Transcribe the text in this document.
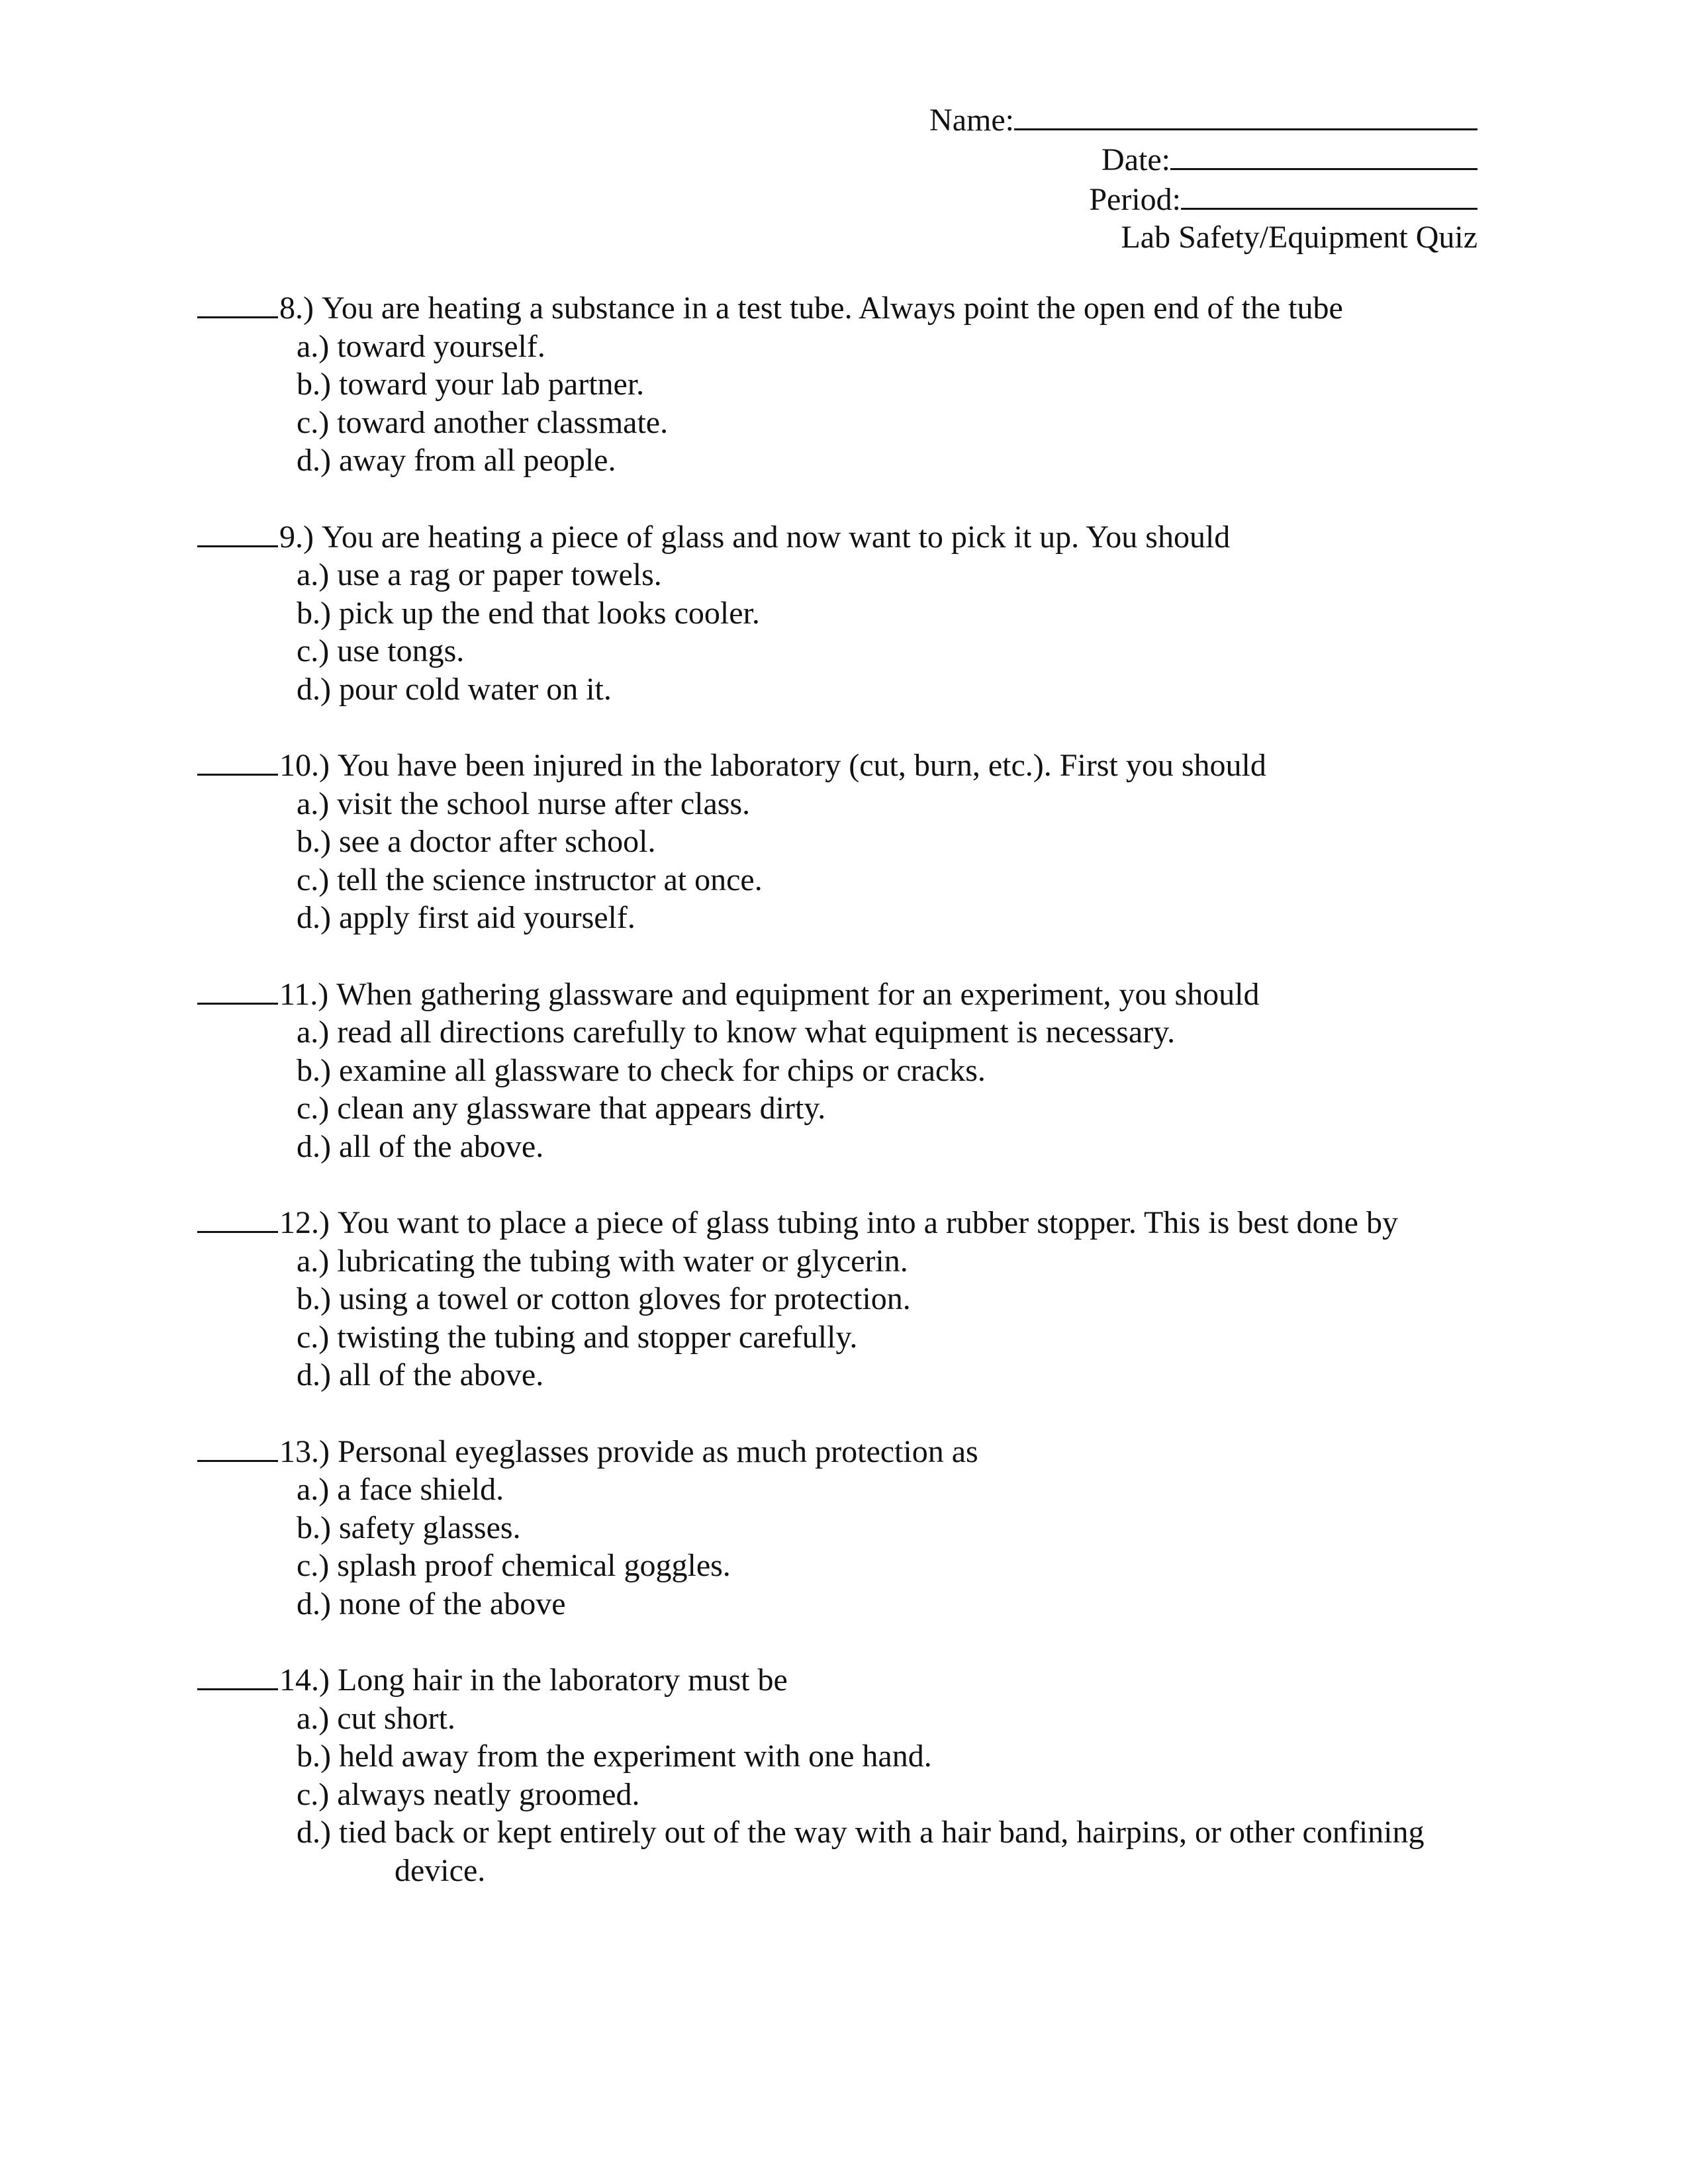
Name:
Date:
Period:
Lab Safety/Equipment Quiz
8.)
You are heating a substance in a test tube. Always point the open end of the tube
a.) toward yourself.
b.) toward your lab partner.
c.) toward another classmate.
d.) away from all people.
9.)
You are heating a piece of glass and now want to pick it up. You should
a.) use a rag or paper towels.
b.) pick up the end that looks cooler.
c.) use tongs.
d.) pour cold water on it.
10.)
You have been injured in the laboratory (cut, burn, etc.). First you should
a.) visit the school nurse after class.
b.) see a doctor after school.
c.) tell the science instructor at once.
d.) apply first aid yourself.
11.)
When gathering glassware and equipment for an experiment, you should
a.) read all directions carefully to know what equipment is necessary.
b.) examine all glassware to check for chips or cracks.
c.) clean any glassware that appears dirty.
d.) all of the above.
12.)
You want to place a piece of glass tubing into a rubber stopper. This is best done by
a.) lubricating the tubing with water or glycerin.
b.) using a towel or cotton gloves for protection.
c.) twisting the tubing and stopper carefully.
d.) all of the above.
13.)
Personal eyeglasses provide as much protection as
a.) a face shield.
b.) safety glasses.
c.) splash proof chemical goggles.
d.) none of the above
14.)
Long hair in the laboratory must be
a.) cut short.
b.) held away from the experiment with one hand.
c.) always neatly groomed.
d.) tied back or kept entirely out of the way with a hair band, hairpins, or other confining
device.
